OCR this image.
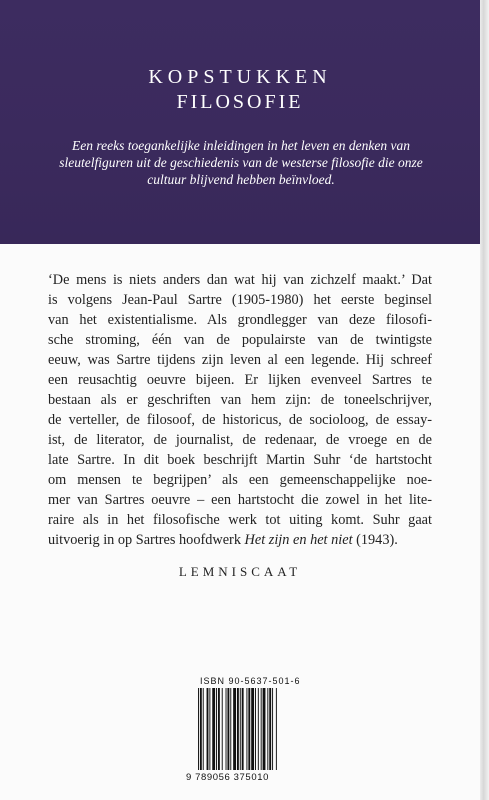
KOPSTUKKEN
FILOSOFIE
Een reeks toegankelijke inleidingen in het leven en denken van sleutelfiguren uit de geschiedenis van de westerse filosofie die onze cultuur blijvend hebben beïnvloed.
‘De mens is niets anders dan wat hij van zichzelf maakt.’ Dat
is volgens Jean-Paul Sartre (1905-1980) het eerste beginsel
van het existentialisme. Als grondlegger van deze filosofi-
sche stroming, één van de populairste van de twintigste
eeuw, was Sartre tijdens zijn leven al een legende. Hij schreef
een reusachtig oeuvre bijeen. Er lijken evenveel Sartres te
bestaan als er geschriften van hem zijn: de toneelschrijver,
de verteller, de filosoof, de historicus, de socioloog, de essay-
ist, de literator, de journalist, de redenaar, de vroege en de
late Sartre. In dit boek beschrijft Martin Suhr ‘de hartstocht
om mensen te begrijpen’ als een gemeenschappelijke noe-
mer van Sartres oeuvre – een hartstocht die zowel in het lite-
raire als in het filosofische werk tot uiting komt. Suhr gaat
uitvoerig in op Sartres hoofdwerk Het zijn en het niet (1943).
LEMNISCAAT
ISBN 90-5637-501-6
9 789056 375010
